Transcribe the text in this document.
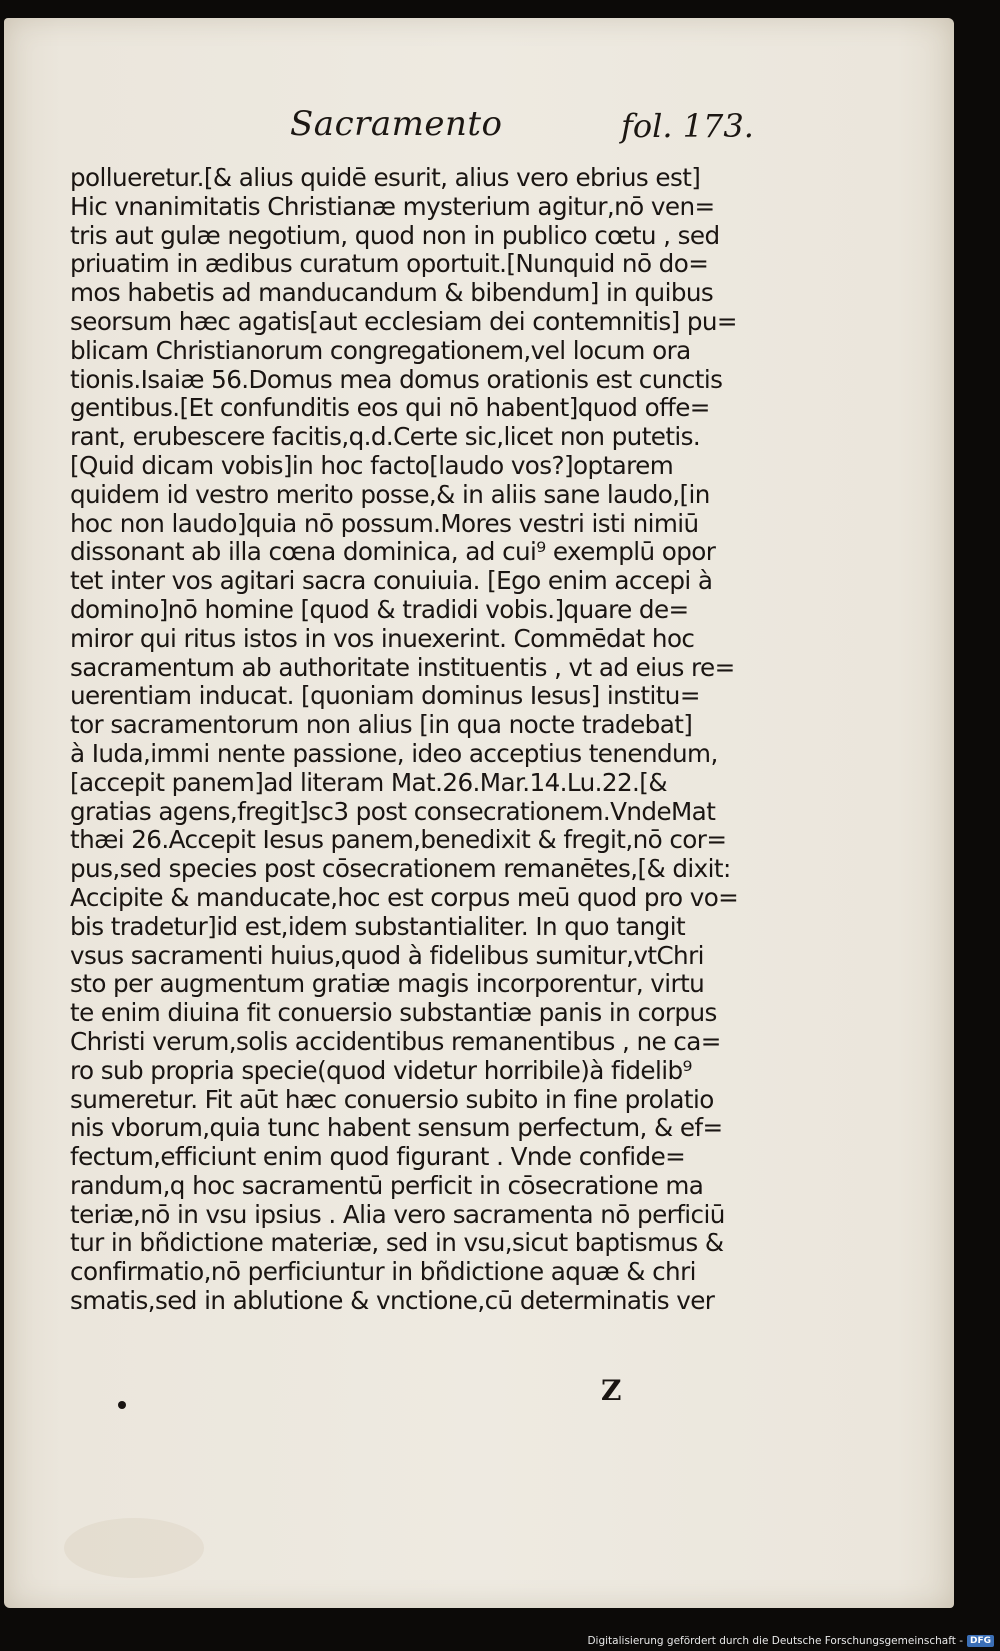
Sacramento	fol. 173.
pollueretur.[& alius quidē esurit, alius vero ebrius est]
Hic vnanimitatis Christianæ mysterium agitur,nō ven=
tris aut gulæ negotium, quod non in publico cœtu , sed
priuatim in ædibus curatum oportuit.[Nunquid nō do=
mos habetis ad manducandum & bibendum] in quibus
seorsum hæc agatis[aut ecclesiam dei contemnitis] pu=
blicam Christianorum congregationem,vel locum ora
tionis.Isaiæ 56.Domus mea domus orationis est cunctis
gentibus.[Et confunditis eos qui nō habent]quod offe=
rant, erubescere facitis,q.d.Certe sic,licet non putetis.
[Quid dicam vobis]in hoc facto[laudo vos?]optarem
quidem id vestro merito posse,& in aliis sane laudo,[in
hoc non laudo]quia nō possum.Mores vestri isti nimiū
dissonant ab illa cœna dominica, ad cui⁹ exemplū opor
tet inter vos agitari sacra conuiuia. [Ego enim accepi à
domino]nō homine [quod & tradidi vobis.]quare de=
miror qui ritus istos in vos inuexerint. Commēdat hoc
sacramentum ab authoritate instituentis , vt ad eius re=
uerentiam inducat. [quoniam dominus Iesus] institu=
tor sacramentorum non alius [in qua nocte tradebat]
à Iuda,immi nente passione, ideo acceptius tenendum,
[accepit panem]ad literam Mat.26.Mar.14.Lu.22.[&
gratias agens,fregit]sc3 post consecrationem.VndeMat
thæi 26.Accepit Iesus panem,benedixit & fregit,nō cor=
pus,sed species post cōsecrationem remanētes,[& dixit:
Accipite & manducate,hoc est corpus meū quod pro vo=
bis tradetur]id est,idem substantialiter. In quo tangit
vsus sacramenti huius,quod à fidelibus sumitur,vtChri
sto per augmentum gratiæ magis incorporentur, virtu
te enim diuina fit conuersio substantiæ panis in corpus
Christi verum,solis accidentibus remanentibus , ne ca=
ro sub propria specie(quod videtur horribile)à fidelib⁹
sumeretur. Fit aūt hæc conuersio subito in fine prolatio
nis vborum,quia tunc habent sensum perfectum, & ef=
fectum,efficiunt enim quod figurant . Vnde confide=
randum,q hoc sacramentū perficit in cōsecratione ma
teriæ,nō in vsu ipsius . Alia vero sacramenta nō perficiū
tur in bñdictione materiæ, sed in vsu,sicut baptismus &
confirmatio,nō perficiuntur in bñdictione aquæ & chri
smatis,sed in ablutione & vnctione,cū determinatis ver
Z
Digitalisierung gefördert durch die Deutsche Forschungsgemeinschaft - DFG
